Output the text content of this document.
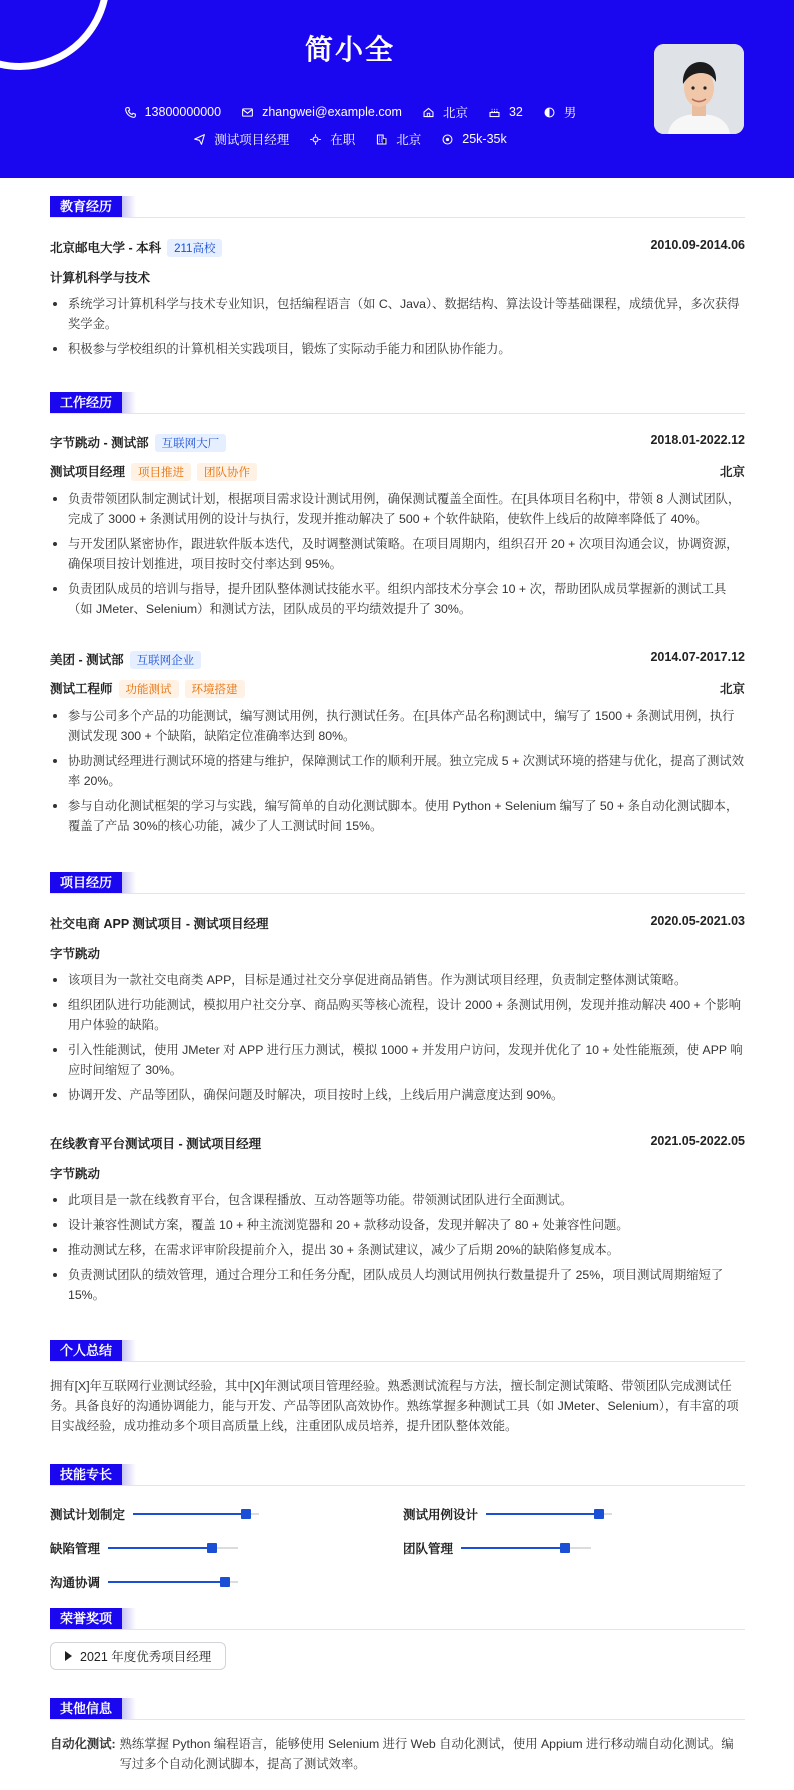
简小全
13800000000	zhangwei@example.com	北京	32	男
测试项目经理	在职	北京	25k-35k
教育经历
北京邮电大学 - 本科 211高校	2010.09-2014.06
计算机科学与技术
系统学习计算机科学与技术专业知识，包括编程语言（如 C、Java）、数据结构、算法设计等基础课程，成绩优异，多次获得奖学金。
积极参与学校组织的计算机相关实践项目，锻炼了实际动手能力和团队协作能力。
工作经历
字节跳动 - 测试部 互联网大厂	2018.01-2022.12
测试项目经理 项目推进 团队协作	北京
负责带领团队制定测试计划，根据项目需求设计测试用例，确保测试覆盖全面性。在[具体项目名称]中，带领 8 人测试团队，完成了 3000 + 条测试用例的设计与执行，发现并推动解决了 500 + 个软件缺陷，使软件上线后的故障率降低了 40%。
与开发团队紧密协作，跟进软件版本迭代，及时调整测试策略。在项目周期内，组织召开 20 + 次项目沟通会议，协调资源，确保项目按计划推进，项目按时交付率达到 95%。
负责团队成员的培训与指导，提升团队整体测试技能水平。组织内部技术分享会 10 + 次，帮助团队成员掌握新的测试工具（如 JMeter、Selenium）和测试方法，团队成员的平均绩效提升了 30%。
美团 - 测试部 互联网企业	2014.07-2017.12
测试工程师 功能测试 环境搭建	北京
参与公司多个产品的功能测试，编写测试用例，执行测试任务。在[具体产品名称]测试中，编写了 1500 + 条测试用例，执行测试发现 300 + 个缺陷，缺陷定位准确率达到 80%。
协助测试经理进行测试环境的搭建与维护，保障测试工作的顺利开展。独立完成 5 + 次测试环境的搭建与优化，提高了测试效率 20%。
参与自动化测试框架的学习与实践，编写简单的自动化测试脚本。使用 Python + Selenium 编写了 50 + 条自动化测试脚本，覆盖了产品 30%的核心功能，减少了人工测试时间 15%。
项目经历
社交电商 APP 测试项目 - 测试项目经理	2020.05-2021.03
字节跳动
该项目为一款社交电商类 APP，目标是通过社交分享促进商品销售。作为测试项目经理，负责制定整体测试策略。
组织团队进行功能测试，模拟用户社交分享、商品购买等核心流程，设计 2000 + 条测试用例，发现并推动解决 400 + 个影响用户体验的缺陷。
引入性能测试，使用 JMeter 对 APP 进行压力测试，模拟 1000 + 并发用户访问，发现并优化了 10 + 处性能瓶颈，使 APP 响应时间缩短了 30%。
协调开发、产品等团队，确保问题及时解决，项目按时上线，上线后用户满意度达到 90%。
在线教育平台测试项目 - 测试项目经理	2021.05-2022.05
字节跳动
此项目是一款在线教育平台，包含课程播放、互动答题等功能。带领测试团队进行全面测试。
设计兼容性测试方案，覆盖 10 + 种主流浏览器和 20 + 款移动设备，发现并解决了 80 + 处兼容性问题。
推动测试左移，在需求评审阶段提前介入，提出 30 + 条测试建议，减少了后期 20%的缺陷修复成本。
负责测试团队的绩效管理，通过合理分工和任务分配，团队成员人均测试用例执行数量提升了 25%，项目测试周期缩短了 15%。
个人总结
拥有[X]年互联网行业测试经验，其中[X]年测试项目管理经验。熟悉测试流程与方法，擅长制定测试策略、带领团队完成测试任务。具备良好的沟通协调能力，能与开发、产品等团队高效协作。熟练掌握多种测试工具（如 JMeter、Selenium），有丰富的项目实战经验，成功推动多个项目高质量上线，注重团队成员培养，提升团队整体效能。
技能专长
测试计划制定	测试用例设计
缺陷管理	团队管理
沟通协调
荣誉奖项
2021 年度优秀项目经理
其他信息
自动化测试: 熟练掌握 Python 编程语言，能够使用 Selenium 进行 Web 自动化测试，使用 Appium 进行移动端自动化测试。编写过多个自动化测试脚本，提高了测试效率。
